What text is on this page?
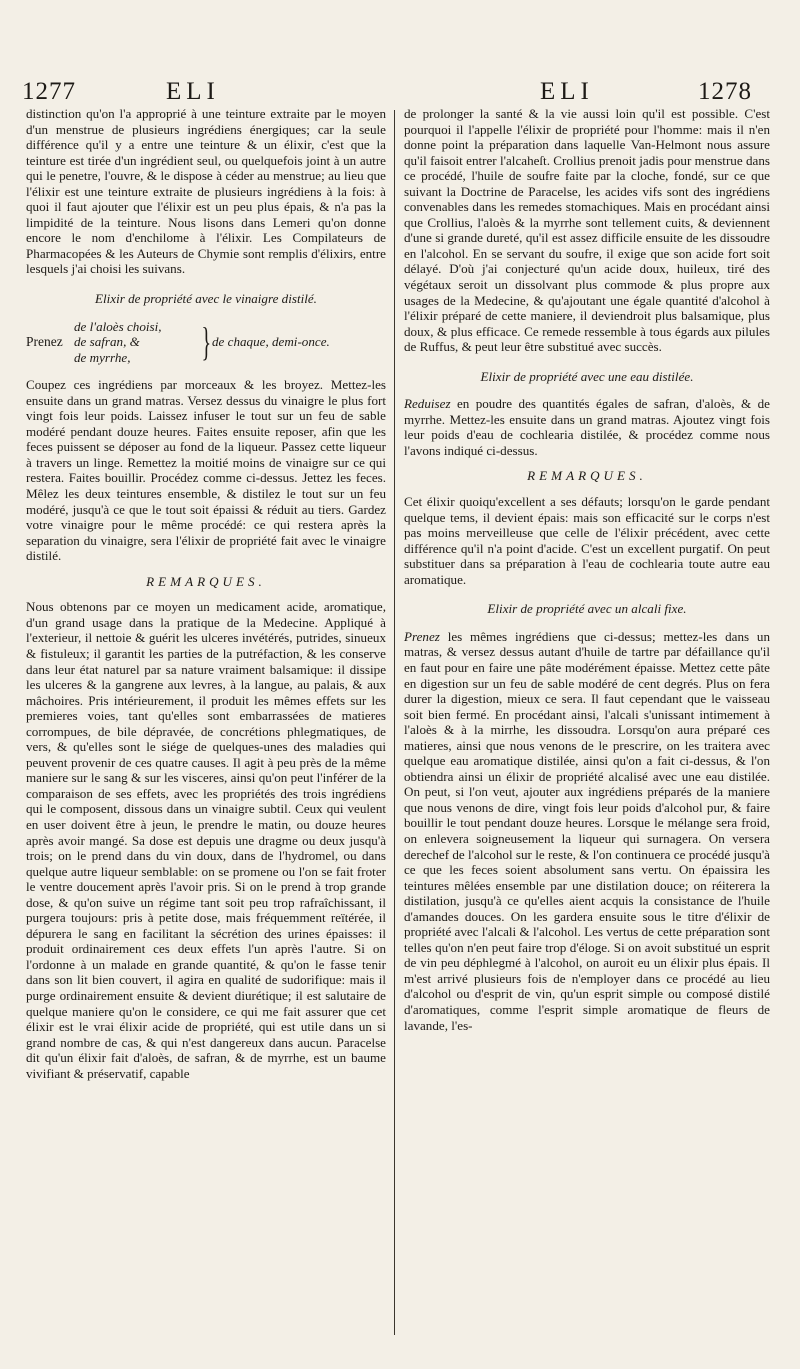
1277	ELI	ELI	1278

distinction qu'on l'a approprié à une teinture extraite par le moyen d'un menstrue de plusieurs ingrédiens énergiques; car la seule différence qu'il y a entre une teinture & un élixir, c'est que la teinture est tirée d'un ingrédient seul, ou quelquefois joint à un autre qui le penetre, l'ouvre, & le dispose à céder au menstrue; au lieu que l'élixir est une teinture extraite de plusieurs ingrédiens à la fois: à quoi il faut ajouter que l'élixir est un peu plus épais, & n'a pas la limpidité de la teinture. Nous lisons dans Lemeri qu'on donne encore le nom d'enchilome à l'élixir. Les Compilateurs de Pharmacopées & les Auteurs de Chymie sont remplis d'élixirs, entre lesquels j'ai choisi les suivans.

Elixir de propriété avec le vinaigre distilé.
Prenez
de l'aloès choisi,
de safran, &
de myrrhe,	} de chaque, demi-once.

Coupez ces ingrédiens par morceaux & les broyez. Mettez-les ensuite dans un grand matras. Versez dessus du vinaigre le plus fort vingt fois leur poids. Laissez infuser le tout sur un feu de sable modéré pendant douze heures. Faites ensuite reposer, afin que les feces puissent se déposer au fond de la liqueur. Passez cette liqueur à travers un linge. Remettez la moitié moins de vinaigre sur ce qui restera. Faites bouillir. Procédez comme ci-dessus. Jettez les feces. Mêlez les deux teintures ensemble, & distilez le tout sur un feu modéré, jusqu'à ce que le tout soit épaissi & réduit au tiers. Gardez votre vinaigre pour le même procédé: ce qui restera après la separation du vinaigre, sera l'élixir de propriété fait avec le vinaigre distilé.

REMARQUES.

Nous obtenons par ce moyen un medicament acide, aromatique, d'un grand usage dans la pratique de la Medecine. Appliqué à l'exterieur, il nettoie & guérit les ulceres invétérés, putrides, sinueux & fistuleux; il garantit les parties de la putréfaction, & les conserve dans leur état naturel par sa nature vraiment balsamique: il dissipe les ulceres & la gangrene aux levres, à la langue, au palais, & aux mâchoires. Pris intérieurement, il produit les mêmes effets sur les premieres voies, tant qu'elles sont embarrassées de matieres corrompues, de bile dépravée, de concrétions phlegmatiques, de vers, & qu'elles sont le siége de quelques-unes des maladies qui peuvent provenir de ces quatre causes. Il agit à peu près de la même maniere sur le sang & sur les visceres, ainsi qu'on peut l'inférer de la comparaison de ses effets, avec les propriétés des trois ingrédiens qui le composent, dissous dans un vinaigre subtil. Ceux qui veulent en user doivent être à jeun, le prendre le matin, ou douze heures après avoir mangé. Sa dose est depuis une dragme ou deux jusqu'à trois; on le prend dans du vin doux, dans de l'hydromel, ou dans quelque autre liqueur semblable: on se promene ou l'on se fait froter le ventre doucement après l'avoir pris. Si on le prend à trop grande dose, & qu'on suive un régime tant soit peu trop rafraîchissant, il purgera toujours: pris à petite dose, mais fréquemment reïtérée, il dépurera le sang en facilitant la sécrétion des urines épaisses: il produit ordinairement ces deux effets l'un après l'autre. Si on l'ordonne à un malade en grande quantité, & qu'on le fasse tenir dans son lit bien couvert, il agira en qualité de sudorifique: mais il purge ordinairement ensuite & devient diurétique; il est salutaire de quelque maniere qu'on le considere, ce qui me fait assurer que cet élixir est le vrai élixir acide de propriété, qui est utile dans un si grand nombre de cas, & qui n'est dangereux dans aucun. Paracelse dit qu'un élixir fait d'aloès, de safran, & de myrrhe, est un baume vivifiant & préservatif, capable

de prolonger la santé & la vie aussi loin qu'il est possible. C'est pourquoi il l'appelle l'élixir de propriété pour l'homme: mais il n'en donne point la préparation dans laquelle Van-Helmont nous assure qu'il faisoit entrer l'alcaheſt. Crollius prenoit jadis pour menstrue dans ce procédé, l'huile de soufre faite par la cloche, fondé, sur ce que suivant la Doctrine de Paracelse, les acides vifs sont des ingrédiens convenables dans les remedes stomachiques. Mais en procédant ainsi que Crollius, l'aloès & la myrrhe sont tellement cuits, & deviennent d'une si grande dureté, qu'il est assez difficile ensuite de les dissoudre en l'alcohol. En se servant du soufre, il exige que son acide fort soit délayé. D'où j'ai conjecturé qu'un acide doux, huileux, tiré des végétaux seroit un dissolvant plus commode & plus propre aux usages de la Medecine, & qu'ajoutant une égale quantité d'alcohol à l'élixir préparé de cette maniere, il deviendroit plus balsamique, plus doux, & plus efficace. Ce remede ressemble à tous égards aux pilules de Ruffus, & peut leur être substitué avec succès.

Elixir de propriété avec une eau distilée.

Reduisez en poudre des quantités égales de safran, d'aloès, & de myrrhe. Mettez-les ensuite dans un grand matras. Ajoutez vingt fois leur poids d'eau de cochlearia distilée, & procédez comme nous l'avons indiqué ci-dessus.

REMARQUES.

Cet élixir quoiqu'excellent a ses défauts; lorsqu'on le garde pendant quelque tems, il devient épais: mais son efficacité sur le corps n'est pas moins merveilleuse que celle de l'élixir précédent, avec cette différence qu'il n'a point d'acide. C'est un excellent purgatif. On peut substituer dans sa préparation à l'eau de cochlearia toute autre eau aromatique.

Elixir de propriété avec un alcali fixe.

Prenez les mêmes ingrédiens que ci-dessus; mettez-les dans un matras, & versez dessus autant d'huile de tartre par défaillance qu'il en faut pour en faire une pâte modérément épaisse. Mettez cette pâte en digestion sur un feu de sable modéré de cent degrés. Plus on fera durer la digestion, mieux ce sera. Il faut cependant que le vaisseau soit bien fermé. En procédant ainsi, l'alcali s'unissant intimement à l'aloès & à la mirrhe, les dissoudra. Lorsqu'on aura préparé ces matieres, ainsi que nous venons de le prescrire, on les traitera avec quelque eau aromatique distilée, ainsi qu'on a fait ci-dessus, & l'on obtiendra ainsi un élixir de propriété alcalisé avec une eau distilée. On peut, si l'on veut, ajouter aux ingrédiens préparés de la maniere que nous venons de dire, vingt fois leur poids d'alcohol pur, & faire bouillir le tout pendant douze heures. Lorsque le mélange sera froid, on enlevera soigneusement la liqueur qui surnagera. On versera derechef de l'alcohol sur le reste, & l'on continuera ce procédé jusqu'à ce que les feces soient absolument sans vertu. On épaissira les teintures mêlées ensemble par une distilation douce; on réiterera la distilation, jusqu'à ce qu'elles aient acquis la consistance de l'huile d'amandes douces. On les gardera ensuite sous le titre d'élixir de propriété avec l'alcali & l'alcohol. Les vertus de cette préparation sont telles qu'on n'en peut faire trop d'éloge. Si on avoit substitué un esprit de vin peu déphlegmé à l'alcohol, on auroit eu un élixir plus épais. Il m'est arrivé plusieurs fois de n'employer dans ce procédé au lieu d'alcohol ou d'esprit de vin, qu'un esprit simple ou composé distilé d'aromatiques, comme l'esprit simple aromatique de fleurs de lavande, l'es-
